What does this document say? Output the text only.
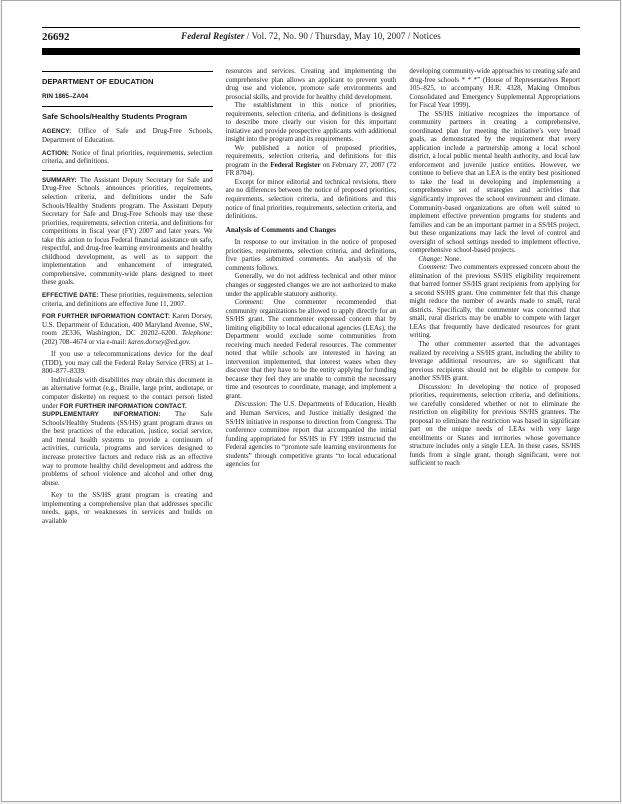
26692	Federal Register / Vol. 72, No. 90 / Thursday, May 10, 2007 / Notices
DEPARTMENT OF EDUCATION
RIN 1865–ZA04
Safe Schools/Healthy Students Program
AGENCY: Office of Safe and Drug-Free Schools, Department of Education.
ACTION: Notice of final priorities, requirements, selection criteria, and definitions.
SUMMARY: The Assistant Deputy Secretary for Safe and Drug-Free Schools announces priorities, requirements, selection criteria, and definitions under the Safe Schools/Healthy Students program. The Assistant Deputy Secretary for Safe and Drug-Free Schools may use these priorities, requirements, selection criteria, and definitions for competitions in fiscal year (FY) 2007 and later years. We take this action to focus Federal financial assistance on safe, respectful, and drug-free learning environments and healthy childhood development, as well as to support the implementation and enhancement of integrated, comprehensive, community-wide plans designed to meet these goals.
EFFECTIVE DATE: These priorities, requirements, selection criteria, and definitions are effective June 11, 2007.
FOR FURTHER INFORMATION CONTACT: Karen Dorsey, U.S. Department of Education, 400 Maryland Avenue, SW., room 2E336, Washington, DC 20202–6200. Telephone: (202) 708–4674 or via e-mail: karen.dorsey@ed.gov.
If you use a telecommunications device for the deaf (TDD), you may call the Federal Relay Service (FRS) at 1–800–877–8339.
Individuals with disabilities may obtain this document in an alternative format (e.g., Braille, large print, audiotape, or computer diskette) on request to the contact person listed under FOR FURTHER INFORMATION CONTACT.
SUPPLEMENTARY INFORMATION: The Safe Schools/Healthy Students (SS/HS) grant program draws on the best practices of the education, justice, social service, and mental health systems to provide a continuum of activities, curricula, programs and services designed to increase protective factors and reduce risk as an effective way to promote healthy child development and address the problems of school violence and alcohol and other drug abuse.
Key to the SS/HS grant program is creating and implementing a comprehensive plan that addresses specific needs, gaps, or weaknesses in services and builds on available
resources and services. Creating and implementing the comprehensive plan allows an applicant to prevent youth drug use and violence, promote safe environments and prosocial skills, and provide for healthy child development.
The establishment in this notice of priorities, requirements, selection criteria, and definitions is designed to describe more clearly our vision for this important initiative and provide prospective applicants with additional insight into the program and its requirements.
We published a notice of proposed priorities, requirements, selection criteria, and definitions for this program in the Federal Register on February 27, 2007 (72 FR 8704).
Except for minor editorial and technical revisions, there are no differences between the notice of proposed priorities, requirements, selection criteria, and definitions and this notice of final priorities, requirements, selection criteria, and definitions.
Analysis of Comments and Changes
In response to our invitation in the notice of proposed priorities, requirements, selection criteria, and definitions, five parties submitted comments. An analysis of the comments follows.
Generally, we do not address technical and other minor changes or suggested changes we are not authorized to make under the applicable statutory authority.
Comment: One commenter recommended that community organizations be allowed to apply directly for an SS/HS grant. The commenter expressed concern that by limiting eligibility to local educational agencies (LEAs), the Department would exclude some communities from receiving much needed Federal resources. The commenter noted that while schools are interested in having an intervention implemented, that interest wanes when they discover that they have to be the entity applying for funding because they feel they are unable to commit the necessary time and resources to coordinate, manage, and implement a grant.
Discussion: The U.S. Departments of Education, Health and Human Services, and Justice initially designed the SS/HS initiative in response to direction from Congress. The conference committee report that accompanied the initial funding appropriated for SS/HS in FY 1999 instructed the Federal agencies to “promote safe learning environments for students” through competitive grants “to local educational agencies for
developing community-wide approaches to creating safe and drug-free schools * * *” (House of Representatives Report 105–825, to accompany H.R. 4328, Making Omnibus Consolidated and Emergency Supplemental Appropriations for Fiscal Year 1999).
The SS/HS initiative recognizes the importance of community partners in creating a comprehensive, coordinated plan for meeting the initiative’s very broad goals, as demonstrated by the requirement that every application include a partnership among a local school district, a local public mental health authority, and local law enforcement and juvenile justice entities. However, we continue to believe that an LEA is the entity best positioned to take the lead in developing and implementing a comprehensive set of strategies and activities that significantly improves the school environment and climate. Community-based organizations are often well suited to implement effective prevention programs for students and families and can be an important partner in a SS/HS project, but these organizations may lack the level of control and oversight of school settings needed to implement effective, comprehensive school-based projects.
Change: None.
Comment: Two commenters expressed concern about the elimination of the previous SS/HS eligibility requirement that barred former SS/HS grant recipients from applying for a second SS/HS grant. One commenter felt that this change might reduce the number of awards made to small, rural districts. Specifically, the commenter was concerned that small, rural districts may be unable to compete with larger LEAs that frequently have dedicated resources for grant writing.
The other commenter asserted that the advantages realized by receiving a SS/HS grant, including the ability to leverage additional resources, are so significant that previous recipients should not be eligible to compete for another SS/HS grant.
Discussion: In developing the notice of proposed priorities, requirements, selection criteria, and definitions, we carefully considered whether or not to eliminate the restriction on eligibility for previous SS/HS grantees. The proposal to eliminate the restriction was based in significant part on the unique needs of LEAs with very large enrollments or States and territories whose governance structure includes only a single LEA. In these cases, SS/HS funds from a single grant, though significant, were not sufficient to reach
